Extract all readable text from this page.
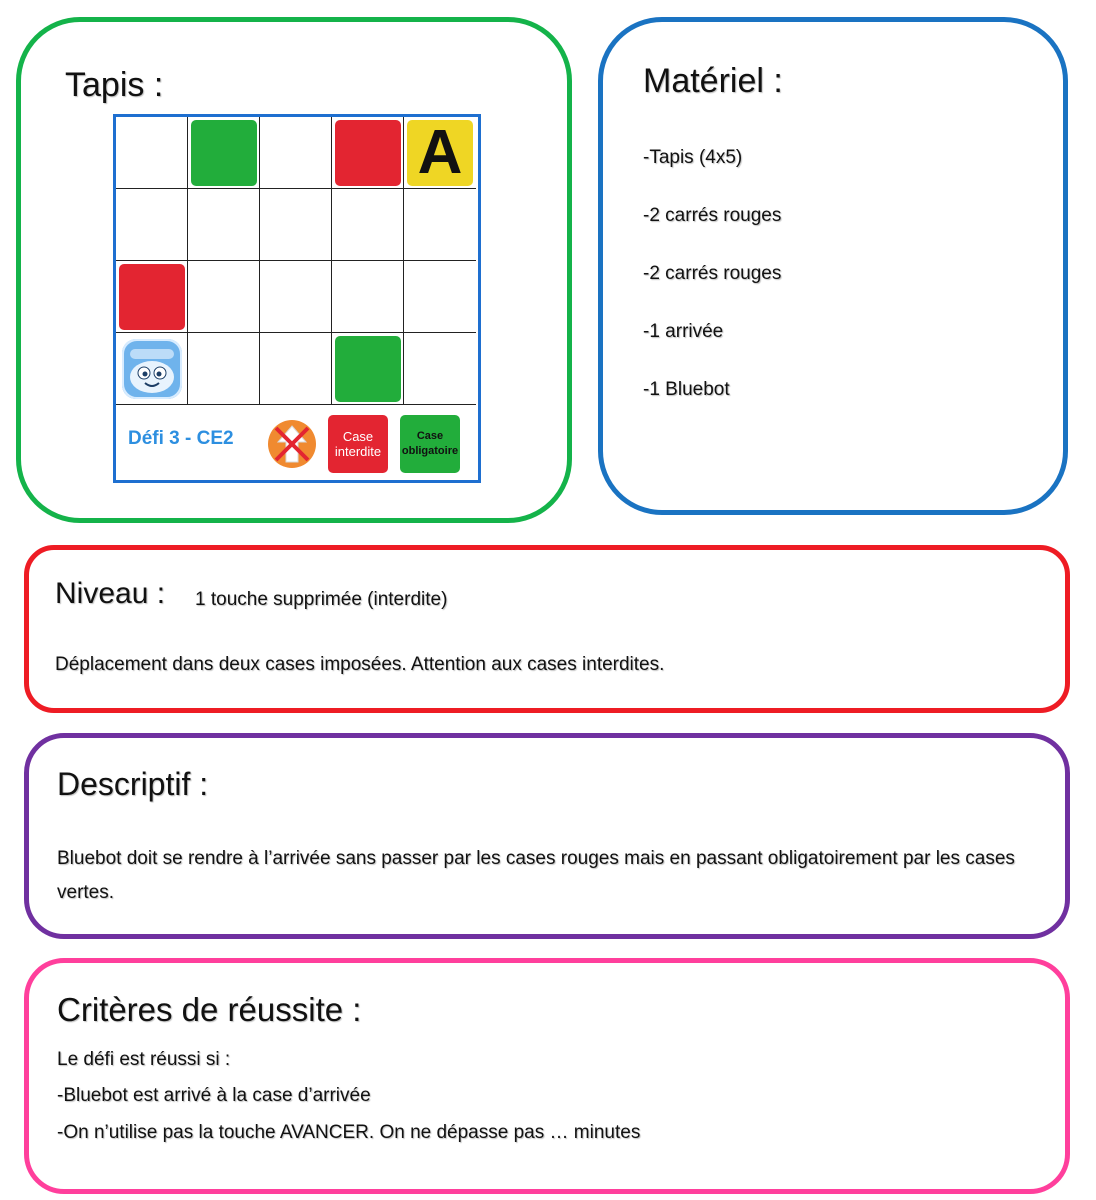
Tapis :
A
Défi 3 - CE2	Case interdite
Case obligatoire
Matériel :
-Tapis (4x5)
-2 carrés rouges
-2 carrés rouges
-1 arrivée
-1 Bluebot
Niveau : 1 touche supprimée (interdite)
Déplacement dans deux cases imposées. Attention aux cases interdites.
Descriptif :
Bluebot doit se rendre à l’arrivée sans passer par les cases rouges mais en passant obligatoirement par les cases vertes.
Critères de réussite :
Le défi est réussi si :
-Bluebot est arrivé à la case d’arrivée
-On n’utilise pas la touche AVANCER. On ne dépasse pas … minutes
